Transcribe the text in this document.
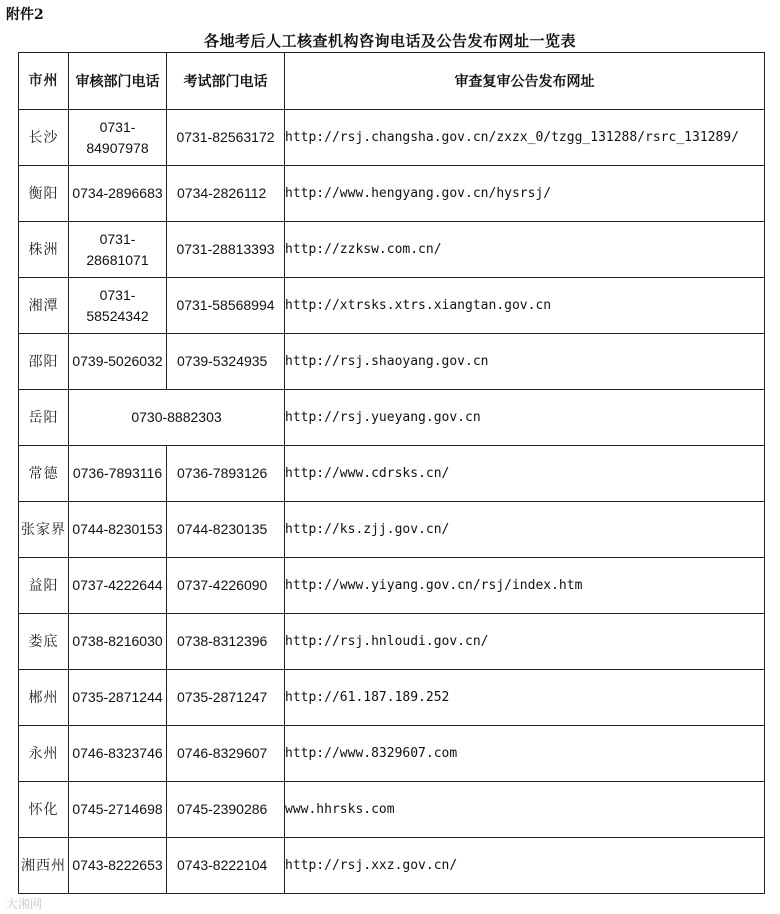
附件2
各地考后人工核查机构咨询电话及公告发布网址一览表
市州	审核部门电话	考试部门电话	审查复审公告发布网址
长沙	0731-84907978	0731-82563172	http://rsj.changsha.gov.cn/zxzx_0/tzgg_131288/rsrc_131289/
衡阳	0734-2896683	0734-2826112	http://www.hengyang.gov.cn/hysrsj/
株洲	0731-28681071	0731-28813393	http://zzksw.com.cn/
湘潭	0731-58524342	0731-58568994	http://xtrsks.xtrs.xiangtan.gov.cn
邵阳	0739-5026032	0739-5324935	http://rsj.shaoyang.gov.cn
岳阳	0730-8882303		http://rsj.yueyang.gov.cn
常德	0736-7893116	0736-7893126	http://www.cdrsks.cn/
张家界	0744-8230153	0744-8230135	http://ks.zjj.gov.cn/
益阳	0737-4222644	0737-4226090	http://www.yiyang.gov.cn/rsj/index.htm
娄底	0738-8216030	0738-8312396	http://rsj.hnloudi.gov.cn/
郴州	0735-2871244	0735-2871247	http://61.187.189.252
永州	0746-8323746	0746-8329607	http://www.8329607.com
怀化	0745-2714698	0745-2390286	www.hhrsks.com
湘西州	0743-8222653	0743-8222104	http://rsj.xxz.gov.cn/
大湘网
